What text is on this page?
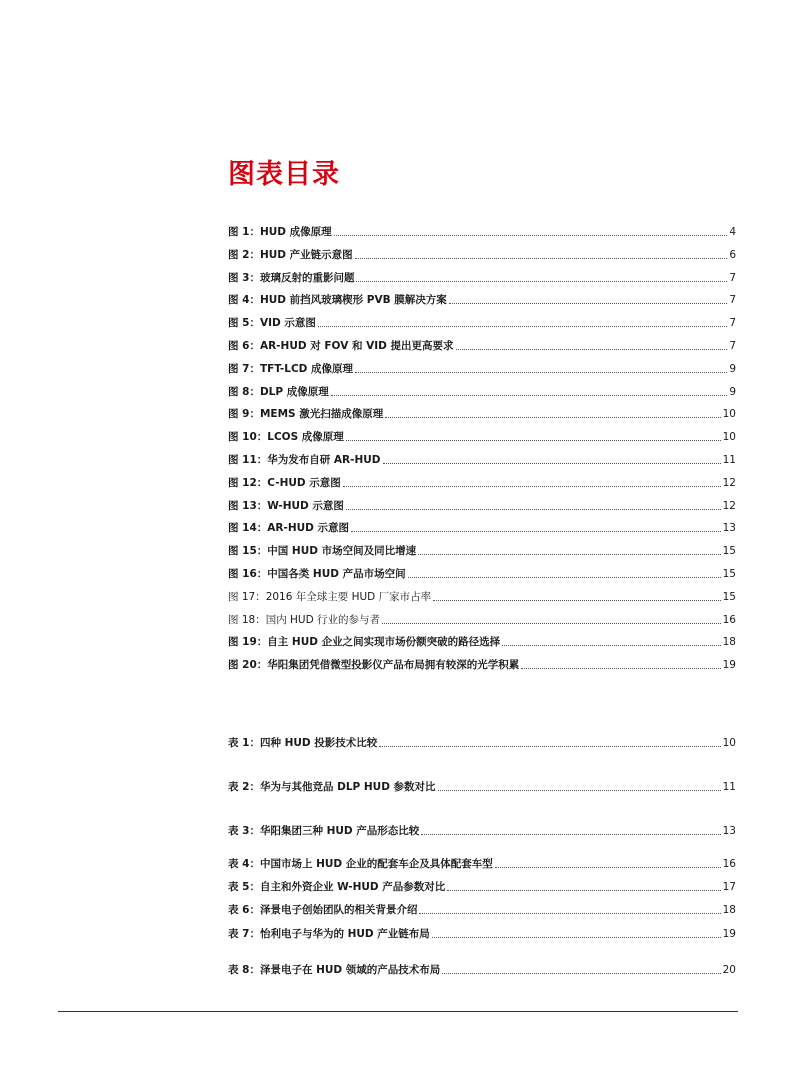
图表目录
图 1：HUD 成像原理	4
图 2：HUD 产业链示意图	6
图 3：玻璃反射的重影问题	7
图 4：HUD 前挡风玻璃楔形 PVB 膜解决方案	7
图 5：VID 示意图	7
图 6：AR-HUD 对 FOV 和 VID 提出更高要求	7
图 7：TFT-LCD 成像原理	9
图 8：DLP 成像原理	9
图 9：MEMS 激光扫描成像原理	10
图 10：LCOS 成像原理	10
图 11：华为发布自研 AR-HUD	11
图 12：C-HUD 示意图	12
图 13：W-HUD 示意图	12
图 14：AR-HUD 示意图	13
图 15：中国 HUD 市场空间及同比增速	15
图 16：中国各类 HUD 产品市场空间	15
图 17：2016 年全球主要 HUD 厂家市占率	15
图 18：国内 HUD 行业的参与者	16
图 19：自主 HUD 企业之间实现市场份额突破的路径选择	18
图 20：华阳集团凭借微型投影仪产品布局拥有较深的光学积累	19
表 1：四种 HUD 投影技术比较	10
表 2：华为与其他竞品 DLP HUD 参数对比	11
表 3：华阳集团三种 HUD 产品形态比较	13
表 4：中国市场上 HUD 企业的配套车企及具体配套车型	16
表 5：自主和外资企业 W-HUD 产品参数对比	17
表 6：泽景电子创始团队的相关背景介绍	18
表 7：怡利电子与华为的 HUD 产业链布局	19
表 8：泽景电子在 HUD 领域的产品技术布局	20
